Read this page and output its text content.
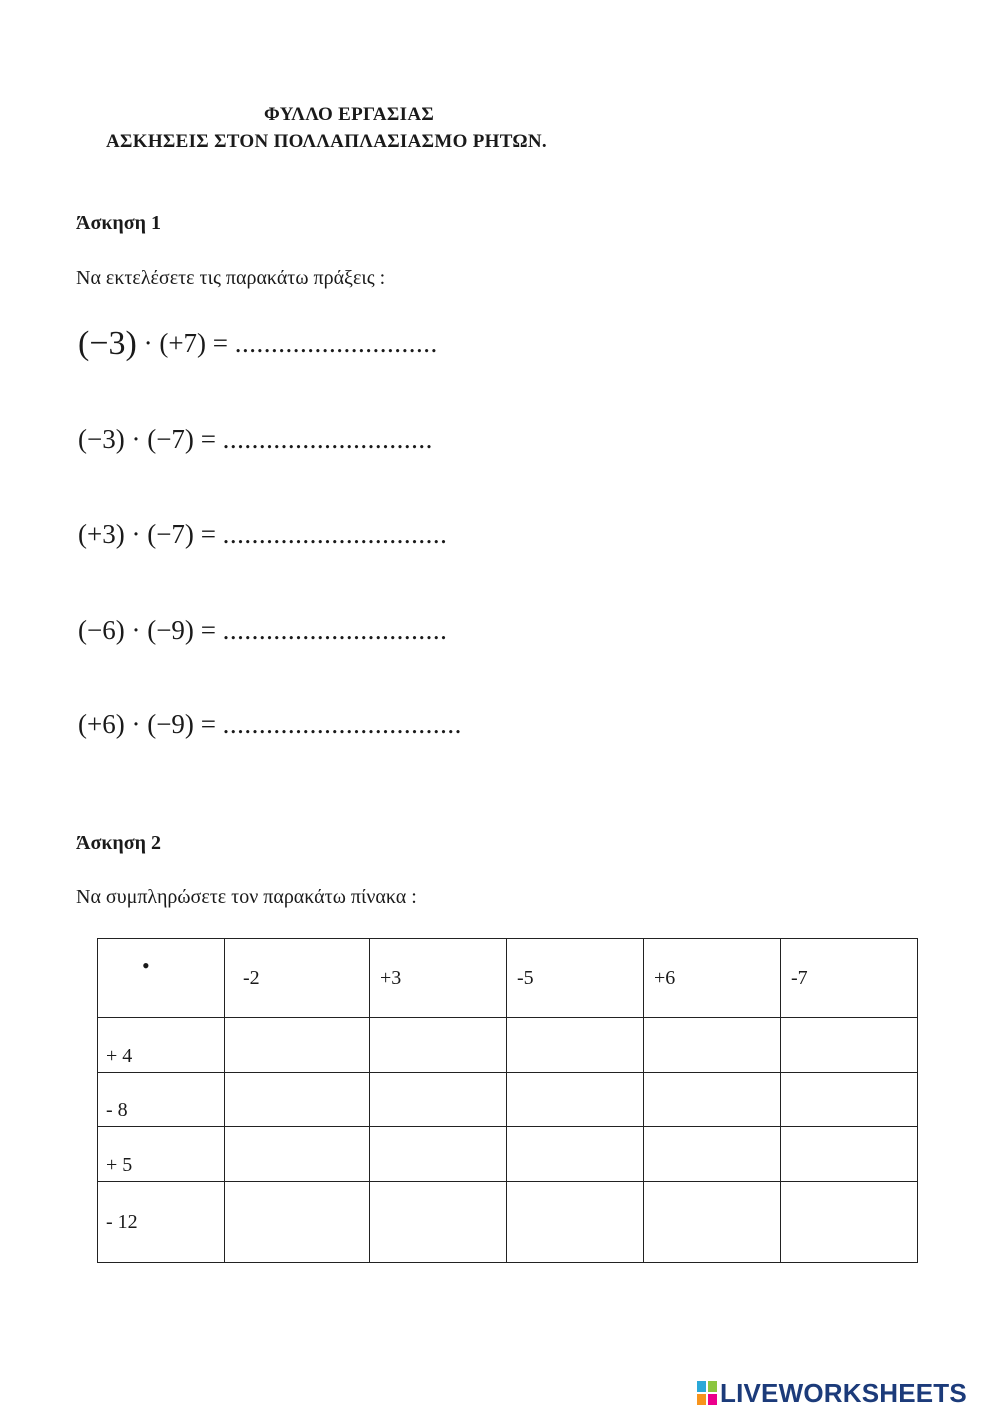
ΦΥΛΛΟ ΕΡΓΑΣΙΑΣ
ΑΣΚΗΣΕΙΣ ΣΤΟΝ ΠΟΛΛΑΠΛΑΣΙΑΣΜΟ ΡΗΤΩΝ.
Άσκηση 1
Να εκτελέσετε τις παρακάτω πράξεις :
(−3) · (+7) = ............................
(−3) · (−7) = .............................
(+3) · (−7) = ...............................
(−6) · (−9) = ...............................
(+6) · (−9) = .................................
Άσκηση 2
Να συμπληρώσετε τον παρακάτω πίνακα :
•	-2	+3	-5	+6	-7
+ 4					
- 8					
+ 5					
- 12					
LIVEWORKSHEETS
